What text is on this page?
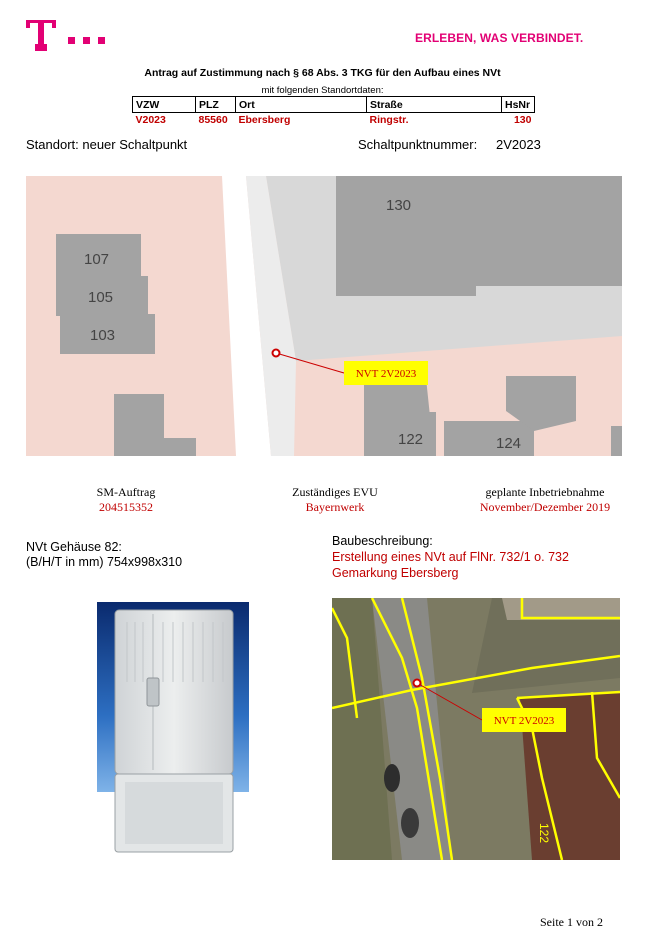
ERLEBEN, WAS VERBINDET.
Antrag auf Zustimmung nach § 68 Abs. 3 TKG für den Aufbau eines NVt
mit folgenden Standortdaten:
VZW	PLZ	Ort	Straße	HsNr
V2023	85560	Ebersberg	Ringstr.	130
Standort: neuer Schaltpunkt	Schaltpunktnummer: 2V2023
130
107
105
103
122	124
NVT 2V2023
SM-Auftrag
204515352
Zuständiges EVU
Bayernwerk
geplante Inbetriebnahme
November/Dezember 2019
NVt Gehäuse 82:
(B/H/T in mm) 754x998x310
Baubeschreibung:
Erstellung eines NVt auf FlNr. 732/1 o. 732
Gemarkung Ebersberg
122
NVT 2V2023
Seite 1 von 2
